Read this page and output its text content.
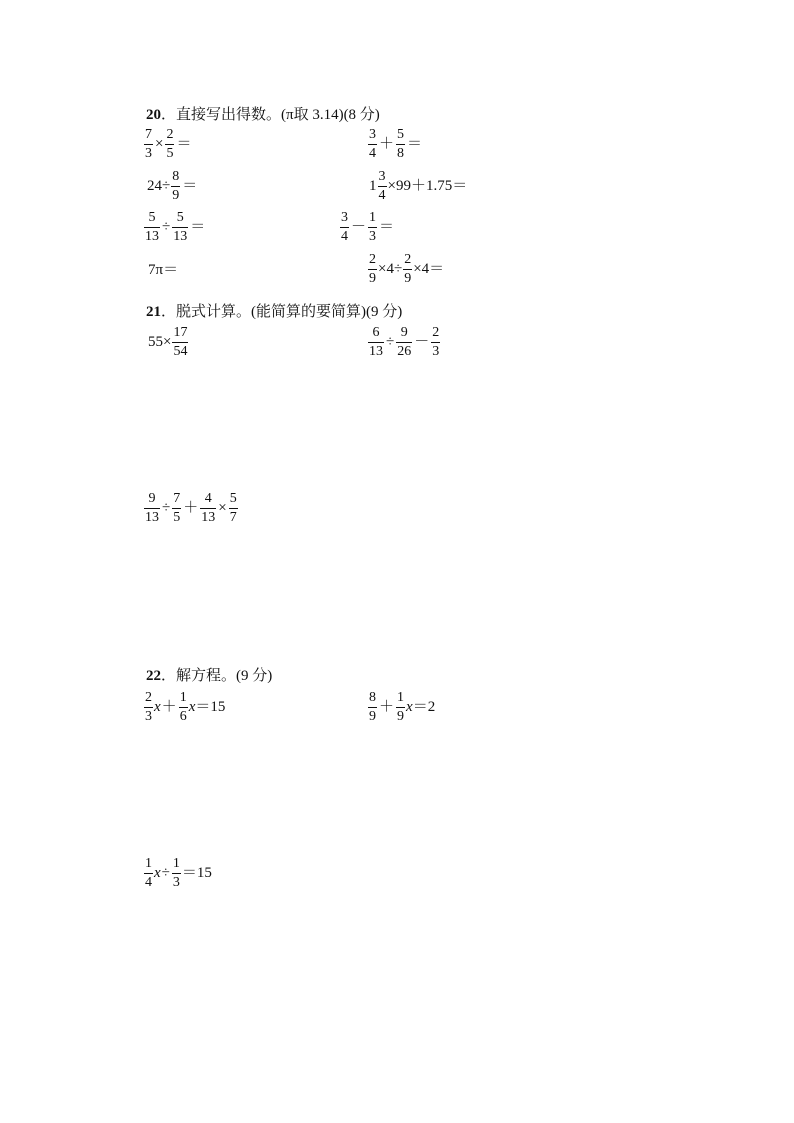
20．直接写出得数。(π取 3.14)(8 分)
21．脱式计算。(能简算的要简算)(9 分)
22．解方程。(9 分)
$\frac{7}{3} \times \frac{2}{5}$ ＝	$\frac{3}{4} + \frac{5}{8}$ ＝
$24\div \frac{8}{9}$ ＝	$1 \frac{3}{4} \times 99+1.75=$
$\frac{5}{13} \div \frac{5}{13}$ ＝	$\frac{3}{4} - \frac{1}{3}$ ＝
7π＝	$\frac{2}{9} \times 4\div \frac{2}{9} \times 4=$
$55\times \frac{17}{54}$	$\frac{6}{13} \div \frac{9}{26} - \frac{2}{3}$
$\frac{9}{13} \div \frac{7}{5} + \frac{4}{13} \times \frac{5}{7}$
$\frac{2}{3}$ $x + \frac{1}{6}$ x ＝15	$\frac{8}{9} + \frac{1}{9}$ x ＝2
$\frac{1}{4}$ $x \div \frac{1}{3} =15$
